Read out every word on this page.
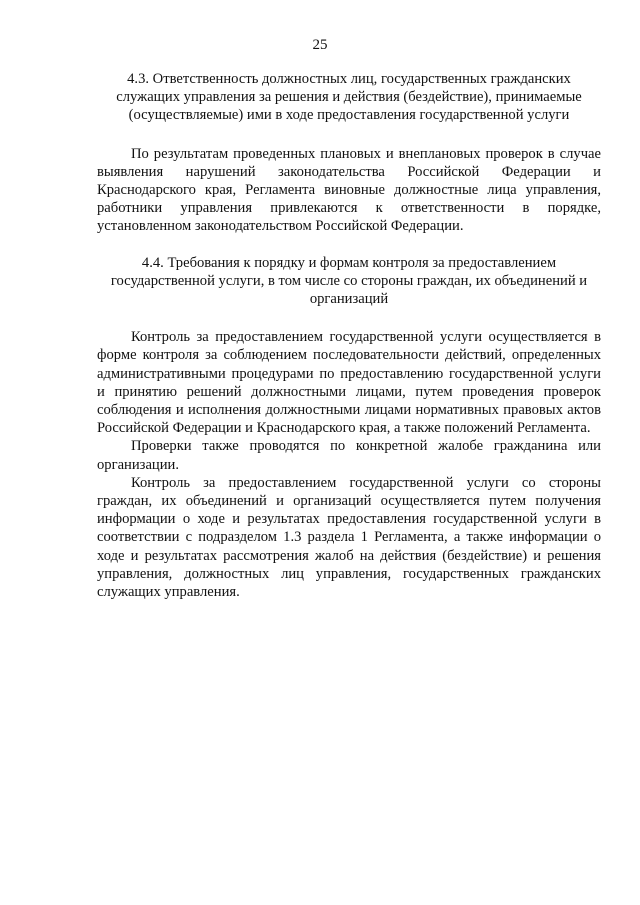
25
4.3. Ответственность должностных лиц, государственных гражданских
служащих управления за решения и действия (бездействие), принимаемые
(осуществляемые) ими в ходе предоставления государственной услуги

По результатам проведенных плановых и внеплановых проверок в случае выявления нарушений законодательства Российской Федерации и Краснодарского края, Регламента виновные должностные лица управления, работники управления привлекаются к ответственности в порядке, установленном законодательством Российской Федерации.

4.4. Требования к порядку и формам контроля за предоставлением
государственной услуги, в том числе со стороны граждан, их объединений и
организаций

Контроль за предоставлением государственной услуги осуществляется в форме контроля за соблюдением последовательности действий, определенных административными процедурами по предоставлению государственной услуги и принятию решений должностными лицами, путем проведения проверок соблюдения и исполнения должностными лицами нормативных правовых актов Российской Федерации и Краснодарского края, а также положений Регламента.

Проверки также проводятся по конкретной жалобе гражданина или организации.

Контроль за предоставлением государственной услуги со стороны граждан, их объединений и организаций осуществляется путем получения информации о ходе и результатах предоставления государственной услуги в соответствии с подразделом 1.3 раздела 1 Регламента, а также информации о ходе и результатах рассмотрения жалоб на действия (бездействие) и решения управления, должностных лиц управления, государственных гражданских служащих управления.
